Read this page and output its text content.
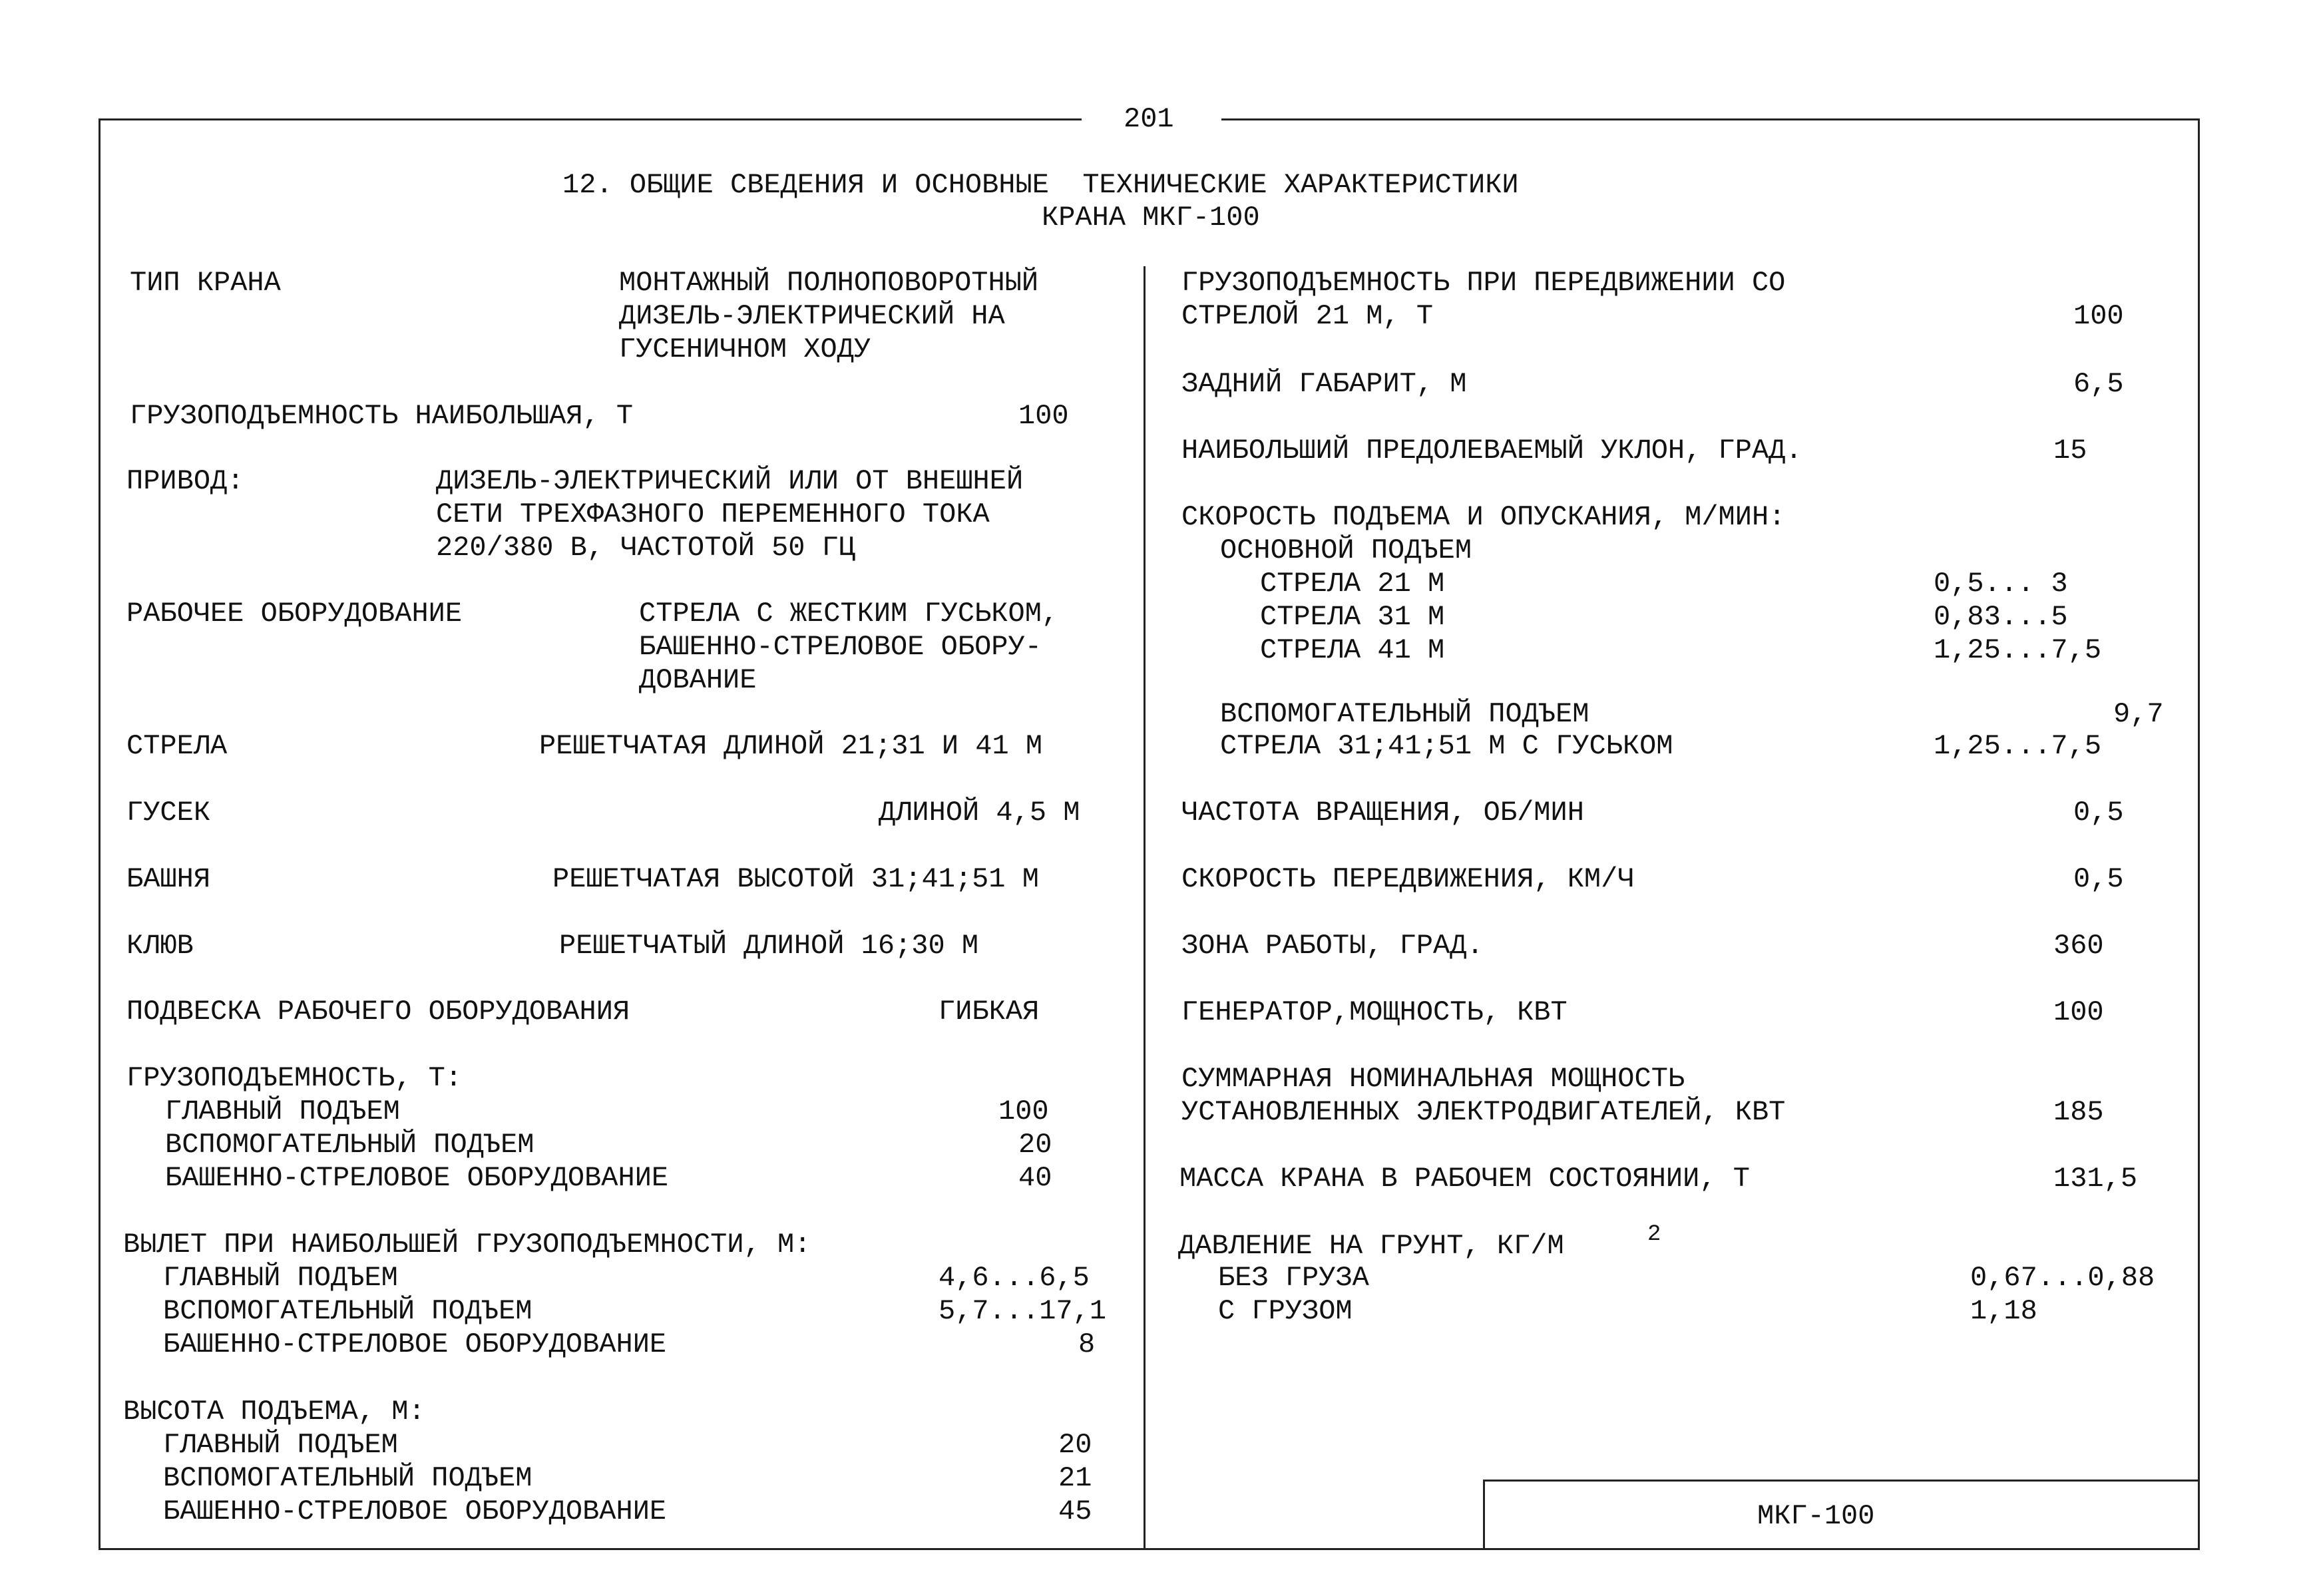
201
12. ОБЩИЕ СВЕДЕНИЯ И ОСНОВНЫЕ  ТЕХНИЧЕСКИЕ ХАРАКТЕРИСТИКИ
КРАНА МКГ-100
ТИП КРАНА	МОНТАЖНЫЙ ПОЛНОПОВОРОТНЫЙ
ДИЗЕЛЬ-ЭЛЕКТРИЧЕСКИЙ НА
ГУСЕНИЧНОМ ХОДУ
ГРУЗОПОДЪЕМНОСТЬ НАИБОЛЬШАЯ, Т	100
ПРИВОД:	ДИЗЕЛЬ-ЭЛЕКТРИЧЕСКИЙ ИЛИ ОТ ВНЕШНЕЙ
СЕТИ ТРЕХФАЗНОГО ПЕРЕМЕННОГО ТОКА
220/380 В, ЧАСТОТОЙ 50 ГЦ
РАБОЧЕЕ ОБОРУДОВАНИЕ	СТРЕЛА С ЖЕСТКИМ ГУСЬКОМ,
БАШЕННО-СТРЕЛОВОЕ ОБОРУ-
ДОВАНИЕ
СТРЕЛА	РЕШЕТЧАТАЯ ДЛИНОЙ 21;31 И 41 М
ГУСЕК	ДЛИНОЙ 4,5 М
БАШНЯ	РЕШЕТЧАТАЯ ВЫСОТОЙ 31;41;51 М
КЛЮВ	РЕШЕТЧАТЫЙ ДЛИНОЙ 16;30 М
ПОДВЕСКА РАБОЧЕГО ОБОРУДОВАНИЯ	ГИБКАЯ
ГРУЗОПОДЪЕМНОСТЬ, Т:
ГЛАВНЫЙ ПОДЪЕМ	100
ВСПОМОГАТЕЛЬНЫЙ ПОДЪЕМ	20
БАШЕННО-СТРЕЛОВОЕ ОБОРУДОВАНИЕ	40
ВЫЛЕТ ПРИ НАИБОЛЬШЕЙ ГРУЗОПОДЪЕМНОСТИ, М:
ГЛАВНЫЙ ПОДЪЕМ	4,6...6,5
ВСПОМОГАТЕЛЬНЫЙ ПОДЪЕМ	5,7...17,1
БАШЕННО-СТРЕЛОВОЕ ОБОРУДОВАНИЕ	8
ВЫСОТА ПОДЪЕМА, М:
ГЛАВНЫЙ ПОДЪЕМ	20
ВСПОМОГАТЕЛЬНЫЙ ПОДЪЕМ	21
БАШЕННО-СТРЕЛОВОЕ ОБОРУДОВАНИЕ	45
ГРУЗОПОДЪЕМНОСТЬ ПРИ ПЕРЕДВИЖЕНИИ СО
СТРЕЛОЙ 21 М, Т	100
ЗАДНИЙ ГАБАРИТ, М	6,5
НАИБОЛЬШИЙ ПРЕДОЛЕВАЕМЫЙ УКЛОН, ГРАД.	15
СКОРОСТЬ ПОДЪЕМА И ОПУСКАНИЯ, М/МИН:
ОСНОВНОЙ ПОДЪЕМ
СТРЕЛА 21 М	0,5... 3
СТРЕЛА 31 М	0,83...5
СТРЕЛА 41 М	1,25...7,5
ВСПОМОГАТЕЛЬНЫЙ ПОДЪЕМ	9,7
СТРЕЛА 31;41;51 М С ГУСЬКОМ	1,25...7,5
ЧАСТОТА ВРАЩЕНИЯ, ОБ/МИН	0,5
СКОРОСТЬ ПЕРЕДВИЖЕНИЯ, КМ/Ч	0,5
ЗОНА РАБОТЫ, ГРАД.	360
ГЕНЕРАТОР,МОЩНОСТЬ, КВТ	100
СУММАРНАЯ НОМИНАЛЬНАЯ МОЩНОСТЬ
УСТАНОВЛЕННЫХ ЭЛЕКТРОДВИГАТЕЛЕЙ, КВТ	185
МАССА КРАНА В РАБОЧЕМ СОСТОЯНИИ, Т	131,5
ДАВЛЕНИЕ НА ГРУНТ, КГ/М	2
БЕЗ ГРУЗА	0,67...0,88
С ГРУЗОМ	1,18
МКГ-100
